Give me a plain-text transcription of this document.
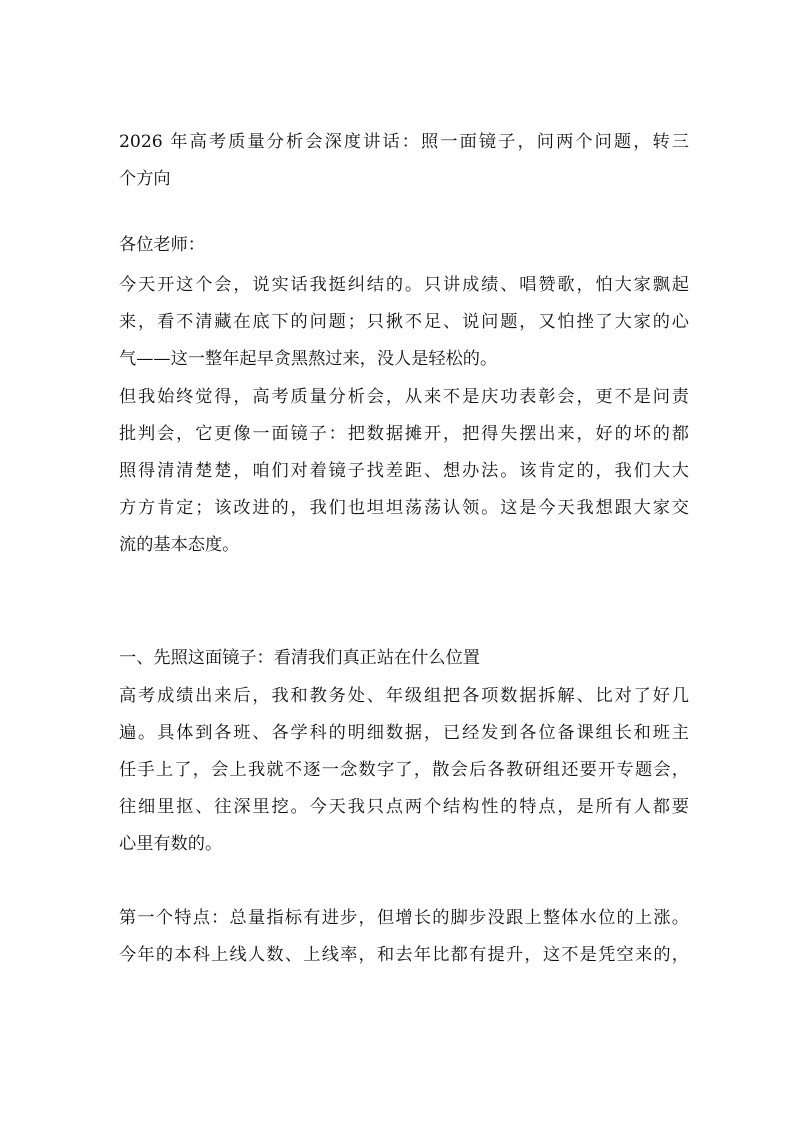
2026 年高考质量分析会深度讲话：照一面镜子，问两个问题，转三
个方向
各位老师：
今天开这个会，说实话我挺纠结的。只讲成绩、唱赞歌，怕大家飘起
来，看不清藏在底下的问题；只揪不足、说问题，又怕挫了大家的心
气——这一整年起早贪黑熬过来，没人是轻松的。
但我始终觉得，高考质量分析会，从来不是庆功表彰会，更不是问责
批判会，它更像一面镜子：把数据摊开，把得失摆出来，好的坏的都
照得清清楚楚，咱们对着镜子找差距、想办法。该肯定的，我们大大
方方肯定；该改进的，我们也坦坦荡荡认领。这是今天我想跟大家交
流的基本态度。
一、先照这面镜子：看清我们真正站在什么位置
高考成绩出来后，我和教务处、年级组把各项数据拆解、比对了好几
遍。具体到各班、各学科的明细数据，已经发到各位备课组长和班主
任手上了，会上我就不逐一念数字了，散会后各教研组还要开专题会，
往细里抠、往深里挖。今天我只点两个结构性的特点，是所有人都要
心里有数的。
第一个特点：总量指标有进步，但增长的脚步没跟上整体水位的上涨。
今年的本科上线人数、上线率，和去年比都有提升，这不是凭空来的，
